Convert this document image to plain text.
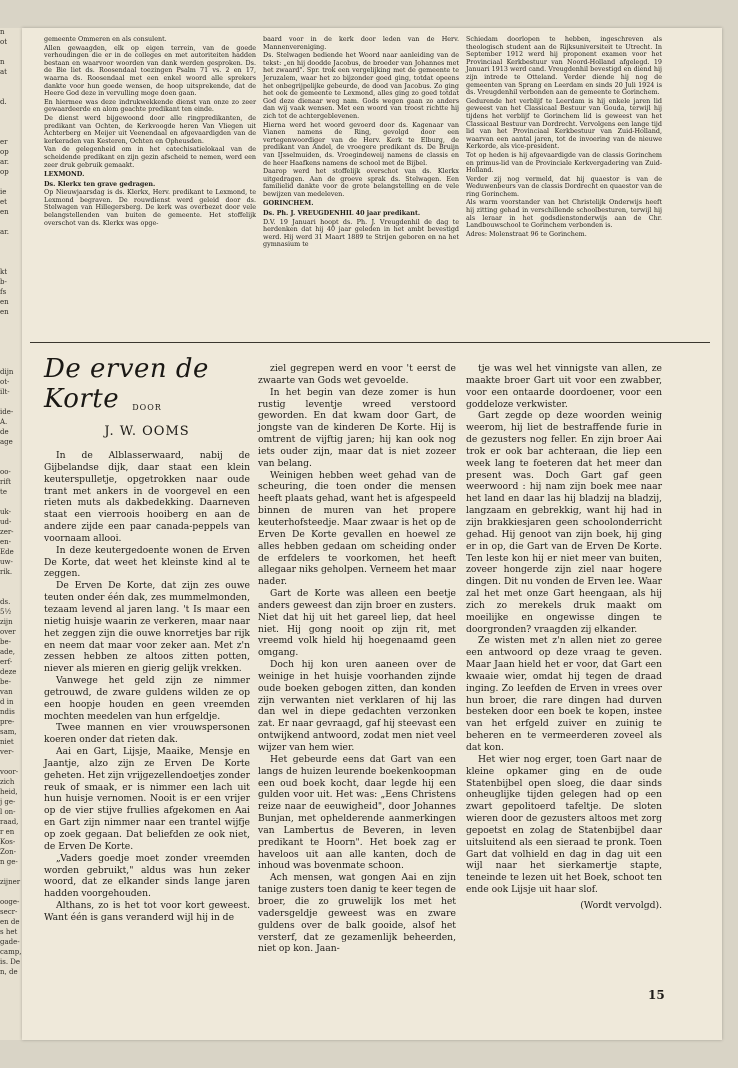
n
ot

n
at

d.

er
op
ar.
op

ie
et
en

ar.

kt
b-
fs
en
en

dijn
ot-
ilt-

ide-
A.
de
age

oo-
rift
te

uk-
ud-
zer-
en-
Ede
uw-
rik.

ds.
5½
zijn
over
be-
ade,
erf-
deze
be-
van
d in
ndis
pre-
sam,
niet
ver-

voor-
zich
heid,
j ge-
l on-
raad,
r en
Kos-
Zon-
n ge-

zijner

ooge-
secr-
en de
s het
gade-
camp,
is. De
n, de

gemeente Ommeren en als consulent.

Allen gewaagden, elk op eigen terrein, van de goede verhoudingen die er in de colleges en met autoriteiten hadden bestaan en waarvoor woorden van dank werden gesproken. Ds. de Bie liet ds. Roosendaal toezingen Psalm 71 vs. 2 en 17, waarna ds. Roosendaal met een enkel woord alle sprekers dankte voor hun goede wensen, de hoop uitsprekende, dat de Heere God deze in vervulling moge doen gaan.

En hiermee was deze indrukwekkende dienst van onze zo zeer gewaardeerde en alom geachte predikant ten einde.

De dienst werd bijgewoond door alle ringpredikanten, de predikant van Ochten, de Kerkvoogde heren Van Vliegen uit Achterberg en Meijer uit Veenendaal en afgevaardigden van de kerkeraden van Kesteren, Ochten en Opheusden.

Van de gelegenheid om in het catechisatielokaal van de scheidende predikant en zijn gezin afscheid te nemen, werd een zeer druk gebruik gemaakt.

LEXMOND.

Ds. Klerkx ten grave gedragen.

Op Nieuwjaarsdag is ds. Klerkx, Herv. predikant te Lexmond, te Lexmond begraven. De rouwdienst werd geleid door ds. Stelwagen van Hillegersberg. De kerk was overbezet door vele belangstellenden van buiten de gemeente. Het stoffelijk overschot van ds. Klerkx was opge-

baard voor in de kerk door leden van de Herv. Mannenvereniging.

Ds. Stelwagen bediende het Woord naar aanleiding van de tekst: „en hij doodde Jacobus, de broeder van Johannes met het zwaard". Spr. trok een vergelijking met de gemeente te Jeruzalem, waar het zo bijzonder goed ging, totdat opeens het onbegrijpelijke gebeurde, de dood van Jacobus. Zo ging het ook de gemeente te Lexmond, alles ging zo goed totdat God deze dienaar weg nam. Gods wegen gaan zo anders dan wij vaak wensen. Met een woord van troost richtte hij zich tot de achtergeblevenen.

Hierna werd het woord gevoerd door ds. Kagenaar van Vianen namens de Ring, gevolgd door een vertegenwoordiger van de Herv. Kerk te Elburg, de predikant van Andel, de vroegere predikant ds. De Bruijn van IJsselmuiden, ds. Vroegindeweij namens de classis en de heer Haafkens namens de school met de Bijbel.

Daarop werd het stoffelijk overschot van ds. Klerkx uitgedragen. Aan de groeve sprak ds. Stelwagen. Een familielid dankte voor de grote belangstelling en de vele bewijzen van medeleven.

GORINCHEM.

Ds. Ph. J. VREUGDENHIL 40 jaar predikant.

D.V. 19 Januari hoopt ds. Ph. J. Vreugdenhil de dag te herdenken dat hij 40 jaar geleden in het ambt bevestigd werd. Hij werd 31 Maart 1889 te Strijen geboren en na het gymnasium te

Schiedam doorlopen te hebben, ingeschreven als theologisch student aan de Rijksuniversiteit te Utrecht. In September 1912 werd hij proponent examen voor het Provinciaal Kerkbestuur van Noord-Holland afgelegd. 19 Januari 1913 werd cand. Vreugdenhil bevestigd en diend hij zijn intrede te Otteland. Verder diende hij nog de gemeenten van Sprang en Leerdam en sinds 20 Juli 1924 is ds. Vreugdenhil verbonden aan de gemeente te Gorinchem.

Gedurende het verblijf te Leerdam is hij enkele jaren lid geweest van het Classicaal Bestuur van Gouda, terwijl hij tijdens het verblijf te Gorinchem lid is geweest van het Classicaal Bestuur van Dordrecht. Vervolgens een lange tijd lid van het Provinciaal Kerkbestuur van Zuid-Holland, waarvan een aantal jaren, tot de invoering van de nieuwe Kerkorde, als vice-president.

Tot op heden is hij afgevaardigde van de classis Gorinchem en primus-lid van de Provinciale Kerkvergadering van Zuid-Holland.

Verder zij nog vermeld, dat hij quaestor is van de Weduwenbeurs van de classis Dordrecht en quaestor van de ring Gorinchem.

Als warm voorstander van het Christelijk Onderwijs heeft hij zitting gehad in verschillende schoolbesturen, terwijl hij als leraar in het godsdienstonderwijs aan de Chr. Landbouwschool te Gorinchem verbonden is.

Adres: Molenstraat 96 te Gorinchem.

De erven de Korte	DOOR
J. W. OOMS

In de Alblasserwaard, nabij de Gijbelandse dijk, daar staat een klein keuterspulletje, opgetrokken naar oude trant met ankers in de voorgevel en een rieten muts als dakbedekking. Daarneven staat een vierroois hooiberg en aan de andere zijde een paar canada-peppels van voornaam allooi.

In deze keutergedoente wonen de Erven De Korte, dat weet het kleinste kind al te zeggen.

De Erven De Korte, dat zijn zes ouwe teuten onder één dak, zes mummelmonden, tezaam levend al jaren lang. 't Is maar een nietig huisje waarin ze verkeren, maar naar het zeggen zijn die ouwe knorretjes bar rijk en neem dat maar voor zeker aan. Met z'n zessen hebben ze altoos zitten potten, niever als mieren en gierig gelijk vrekken.

Vanwege het geld zijn ze nimmer getrouwd, de zware guldens wilden ze op een hoopje houden en geen vreemden mochten meedelen van hun erfgeldje.

Twee mannen en vier vrouwspersonen koeren onder dat rieten dak.

Aai en Gart, Lijsje, Maaike, Mensje en Jaantje, alzo zijn ze Erven De Korte geheten. Het zijn vrijgezellendoetjes zonder reuk of smaak, er is nimmer een lach uit hun huisje vernomen. Nooit is er een vrijer op de vier stijve frullies afgekomen en Aai en Gart zijn nimmer naar een trantel wijfje op zoek gegaan. Dat beliefden ze ook niet, de Erven De Korte.

„Vaders goedje moet zonder vreemden worden gebruikt," aldus was hun zeker woord, dat ze elkander sinds lange jaren hadden voorgehouden.

Althans, zo is het tot voor kort geweest. Want één is gans veranderd wijl hij in de

ziel gegrepen werd en voor 't eerst de zwaarte van Gods wet gevoelde.

In het begin van deze zomer is hun rustig leventje wreed verstoord geworden. En dat kwam door Gart, de jongste van de kinderen De Korte. Hij is omtrent de vijftig jaren; hij kan ook nog iets ouder zijn, maar dat is niet zozeer van belang.

Weinigen hebben weet gehad van de scheuring, die toen onder die mensen heeft plaats gehad, want het is afgespeeld binnen de muren van het propere keuterhofsteedje. Maar zwaar is het op de Erven De Korte gevallen en hoewel ze alles hebben gedaan om scheiding onder de erfdelers te voorkomen, het heeft allegaar niks geholpen. Verneem het maar nader.

Gart de Korte was alleen een beetje anders geweest dan zijn broer en zusters. Niet dat hij uit het gareel liep, dat heel niet. Hij gong nooit op zijn rit, met vreemd volk hield hij hoegenaamd geen omgang.

Doch hij kon uren aaneen over de weinige in het huisje voorhanden zijnde oude boeken gebogen zitten, dan konden zijn verwanten niet verklaren of hij las dan wel in diepe gedachten verzonken zat. Er naar gevraagd, gaf hij steevast een ontwijkend antwoord, zodat men niet veel wijzer van hem wier.

Het gebeurde eens dat Gart van een langs de huizen leurende boekenkoopman een oud boek kocht, daar legde hij een gulden voor uit. Het was: „Eens Christens reize naar de eeuwigheid", door Johannes Bunjan, met ophelderende aanmerkingen van Lambertus de Beveren, in leven predikant te Hoorn". Het boek zag er haveloos uit aan alle kanten, doch de inhoud was bovenmate schoon.

Ach mensen, wat gongen Aai en zijn tanige zusters toen danig te keer tegen de broer, die zo gruwelijk los met het vadersgeldje geweest was en zware guldens over de balk gooide, alsof het versterf, dat ze gezamenlijk beheerden, niet op kon. Jaan-

tje was wel het vinnigste van allen, ze maakte broer Gart uit voor een zwabber, voor een ontaarde doordoener, voor een goddeloze verkwister.

Gart zegde op deze woorden weinig weerom, hij liet de bestraffende furie in de gezusters nog feller. En zijn broer Aai trok er ook bar achteraan, die liep een week lang te foeteren dat het meer dan present was. Doch Gart gaf geen weerwoord : hij nam zijn boek mee naar het land en daar las hij bladzij na bladzij, langzaam en gebrekkig, want hij had in zijn brakkiesjaren geen schoolonderricht gehad. Hij genoot van zijn boek, hij ging er in op, die Gart van de Erven De Korte. Ten leste kon hij er niet meer van buiten, zoveer hongerde zijn ziel naar hogere dingen. Dit nu vonden de Erven lee. Waar zal het met onze Gart heengaan, als hij zich zo merekels druk maakt om moeilijke en ongewisse dingen te doorgronden? vraagden zij elkander.

Ze wisten met z'n allen niet zo geree een antwoord op deze vraag te geven. Maar Jaan hield het er voor, dat Gart een kwaaie wier, omdat hij tegen de draad inging. Zo leefden de Erven in vrees over hun broer, die rare dingen had durven besteken door een boek te kopen, instee van het erfgeld zuiver en zuinig te beheren en te vermeerderen zoveel als dat kon.

Het wier nog erger, toen Gart naar de kleine opkamer ging en de oude Statenbijbel open sloeg, die daar sinds onheuglijke tijden gelegen had op een zwart gepolitoerd tafeltje. De sloten wieren door de gezusters altoos met zorg gepoetst en zolag de Statenbijbel daar uitsluitend als een sieraad te pronk. Toen Gart dat volhield en dag in dag uit een wijl naar het sierkamertje stapte, teneinde te lezen uit het Boek, schoot ten ende ook Lijsje uit haar slof.

(Wordt vervolgd).

15
